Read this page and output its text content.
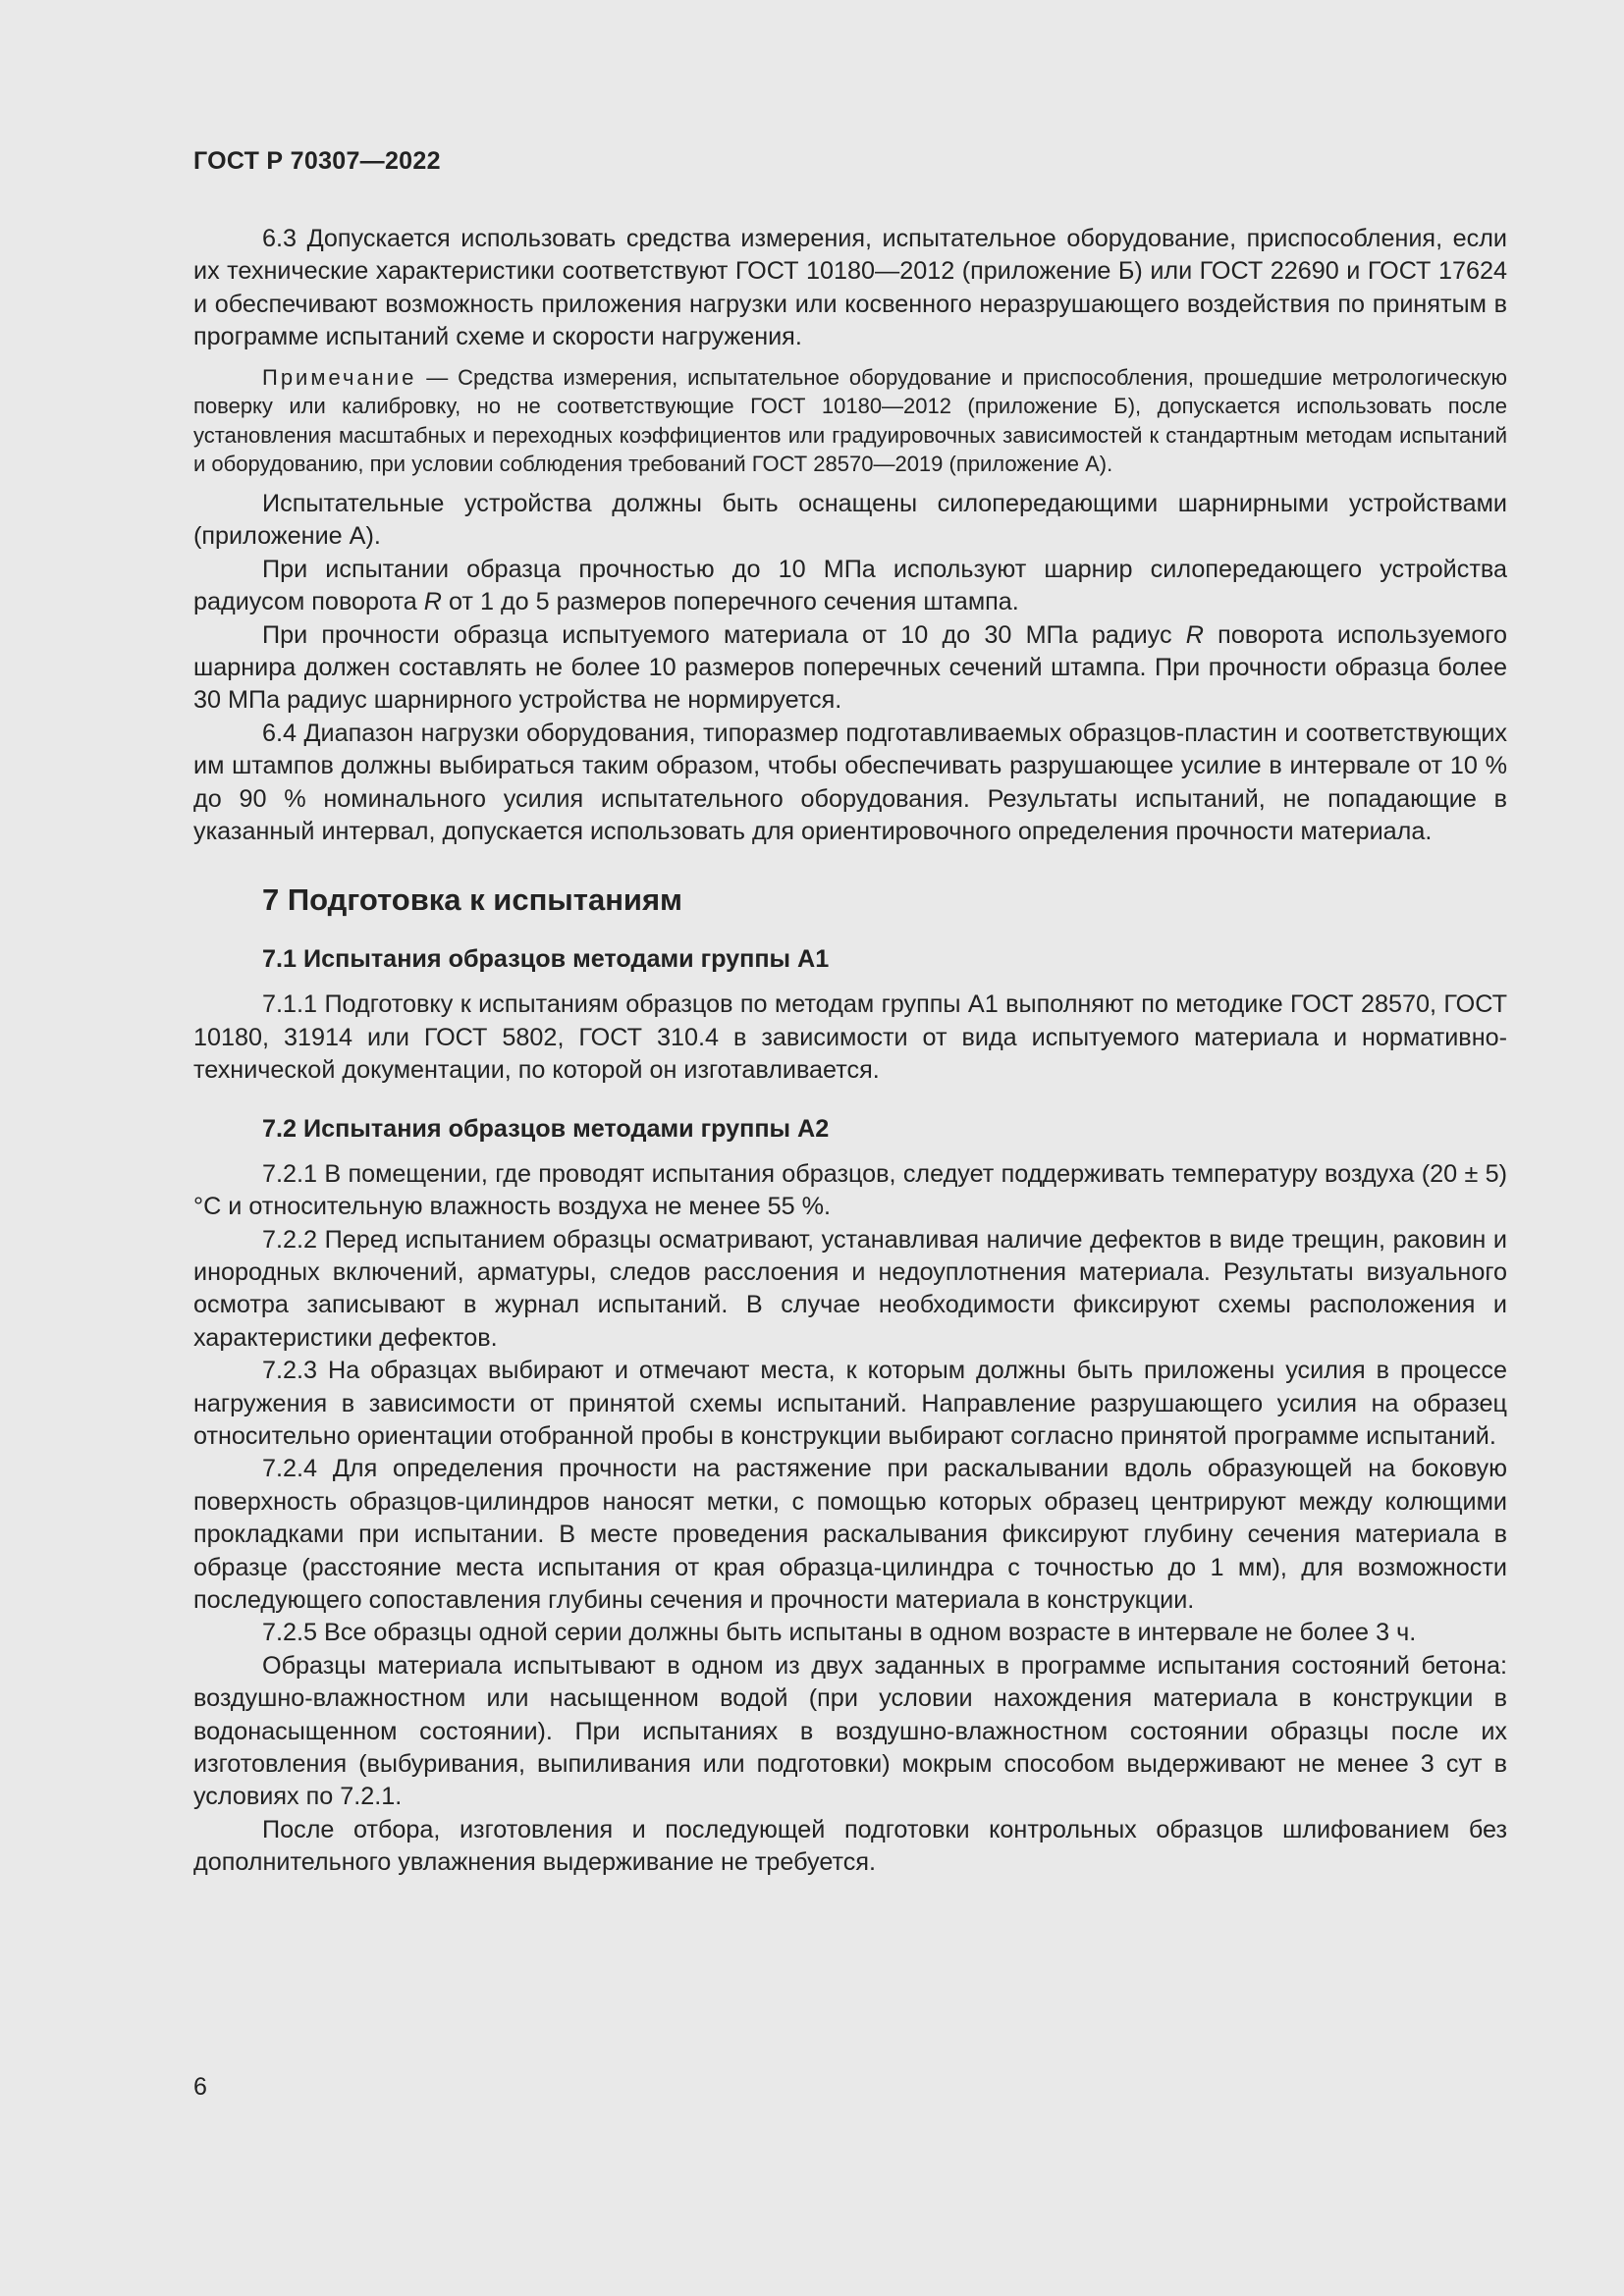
ГОСТ Р 70307—2022

6.3 Допускается использовать средства измерения, испытательное оборудование, приспособления, если их технические характеристики соответствуют ГОСТ 10180—2012 (приложение Б) или ГОСТ 22690 и ГОСТ 17624 и обеспечивают возможность приложения нагрузки или косвенного неразрушающего воздействия по принятым в программе испытаний схеме и скорости нагружения.

Примечание — Средства измерения, испытательное оборудование и приспособления, прошедшие метрологическую поверку или калибровку, но не соответствующие ГОСТ 10180—2012 (приложение Б), допускается использовать после установления масштабных и переходных коэффициентов или градуировочных зависимостей к стандартным методам испытаний и оборудованию, при условии соблюдения требований ГОСТ 28570—2019 (приложение А).

Испытательные устройства должны быть оснащены силопередающими шарнирными устройствами (приложение А).

При испытании образца прочностью до 10 МПа используют шарнир силопередающего устройства радиусом поворота R от 1 до 5 размеров поперечного сечения штампа.

При прочности образца испытуемого материала от 10 до 30 МПа радиус R поворота используемого шарнира должен составлять не более 10 размеров поперечных сечений штампа. При прочности образца более 30 МПа радиус шарнирного устройства не нормируется.

6.4 Диапазон нагрузки оборудования, типоразмер подготавливаемых образцов-пластин и соответствующих им штампов должны выбираться таким образом, чтобы обеспечивать разрушающее усилие в интервале от 10 % до 90 % номинального усилия испытательного оборудования. Результаты испытаний, не попадающие в указанный интервал, допускается использовать для ориентировочного определения прочности материала.

7 Подготовка к испытаниям
7.1 Испытания образцов методами группы А1

7.1.1 Подготовку к испытаниям образцов по методам группы А1 выполняют по методике ГОСТ 28570, ГОСТ 10180, 31914 или ГОСТ 5802, ГОСТ 310.4 в зависимости от вида испытуемого материала и нормативно-технической документации, по которой он изготавливается.

7.2 Испытания образцов методами группы А2

7.2.1 В помещении, где проводят испытания образцов, следует поддерживать температуру воздуха (20 ± 5) °С и относительную влажность воздуха не менее 55 %.

7.2.2 Перед испытанием образцы осматривают, устанавливая наличие дефектов в виде трещин, раковин и инородных включений, арматуры, следов расслоения и недоуплотнения материала. Результаты визуального осмотра записывают в журнал испытаний. В случае необходимости фиксируют схемы расположения и характеристики дефектов.

7.2.3 На образцах выбирают и отмечают места, к которым должны быть приложены усилия в процессе нагружения в зависимости от принятой схемы испытаний. Направление разрушающего усилия на образец относительно ориентации отобранной пробы в конструкции выбирают согласно принятой программе испытаний.

7.2.4 Для определения прочности на растяжение при раскалывании вдоль образующей на боковую поверхность образцов-цилиндров наносят метки, с помощью которых образец центрируют между колющими прокладками при испытании. В месте проведения раскалывания фиксируют глубину сечения материала в образце (расстояние места испытания от края образца-цилиндра с точностью до 1 мм), для возможности последующего сопоставления глубины сечения и прочности материала в конструкции.

7.2.5 Все образцы одной серии должны быть испытаны в одном возрасте в интервале не более 3 ч.

Образцы материала испытывают в одном из двух заданных в программе испытания состояний бетона: воздушно-влажностном или насыщенном водой (при условии нахождения материала в конструкции в водонасыщенном состоянии). При испытаниях в воздушно-влажностном состоянии образцы после их изготовления (выбуривания, выпиливания или подготовки) мокрым способом выдерживают не менее 3 сут в условиях по 7.2.1.

После отбора, изготовления и последующей подготовки контрольных образцов шлифованием без дополнительного увлажнения выдерживание не требуется.

6
